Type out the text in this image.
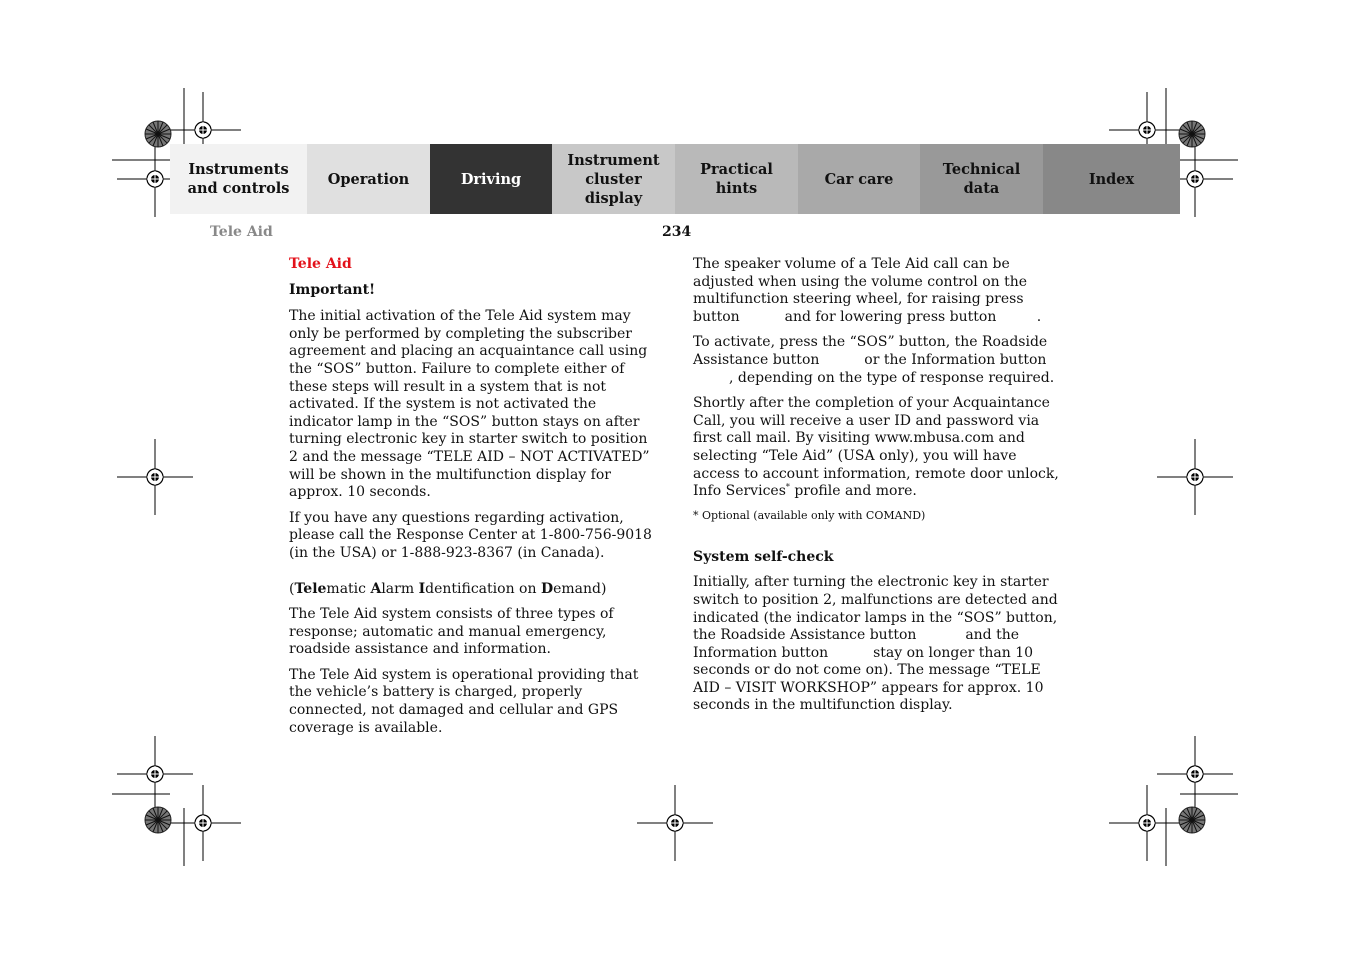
Instruments
and controls
Operation	Driving
Instrument
cluster display
Practical hints
Car care
Technical
data
Index
Tele Aid	234

Tele Aid

Important!

The initial activation of the Tele Aid system may only be performed by completing the subscriber agreement and placing an acquaintance call using the “SOS” button. Failure to complete either of these steps will result in a system that is not activated. If the system is not activated the indicator lamp in the “SOS” button stays on after turning electronic key in starter switch to position 2 and the message “TELE AID – NOT ACTIVATED” will be shown in the multifunction display for approx. 10 seconds.

If you have any questions regarding activation, please call the Response Center at 1-800-756-9018 (in the USA) or 1-888-923-8367 (in Canada).

(Telematic Alarm Identification on Demand)

The Tele Aid system consists of three types of response; automatic and manual emergency, roadside assistance and information.

The Tele Aid system is operational providing that the vehicle’s battery is charged, properly connected, not damaged and cellular and GPS coverage is available.

The speaker volume of a Tele Aid call can be adjusted when using the volume control on the multifunction steering wheel, for raising press button	and for lowering press button	.

To activate, press the “SOS” button, the Roadside Assistance button	or the Information button , depending on the type of response required.

Shortly after the completion of your Acquaintance Call, you will receive a user ID and password via first call mail. By visiting www.mbusa.com and selecting “Tele Aid” (USA only), you will have access to account information, remote door unlock, Info Services* profile and more.

* Optional (available only with COMAND)

System self-check

Initially, after turning the electronic key in starter switch to position 2, malfunctions are detected and indicated (the indicator lamps in the “SOS” button, the Roadside Assistance button	and the Information button	stay on longer than 10 seconds or do not come on). The message “TELE AID – VISIT WORKSHOP” appears for approx. 10 seconds in the multifunction display.
